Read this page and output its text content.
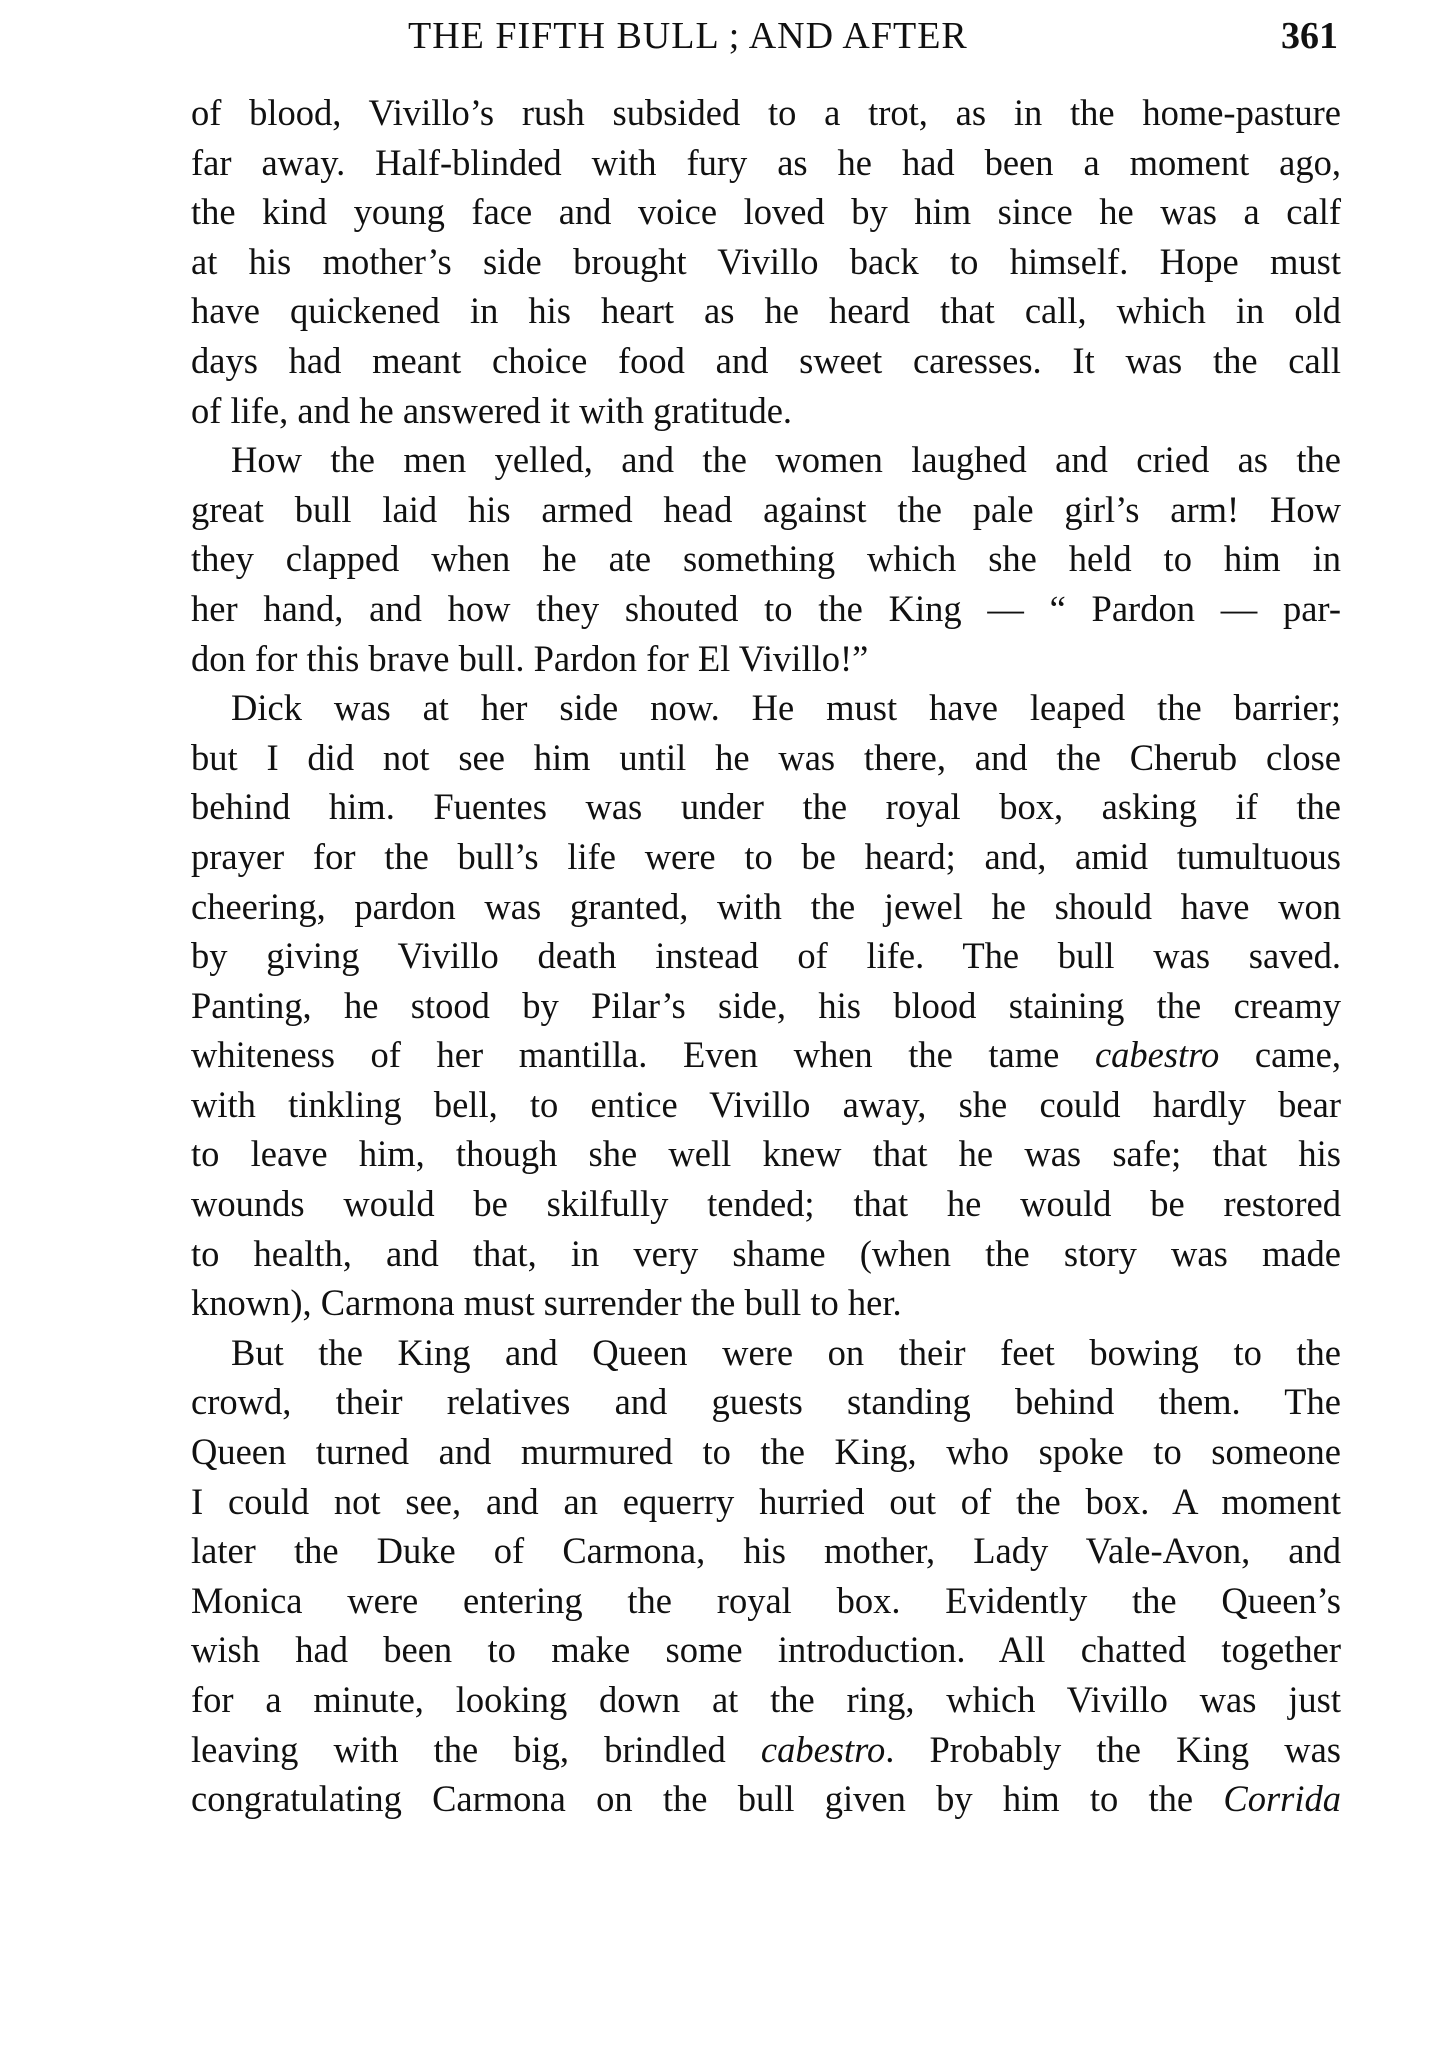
THE FIFTH BULL ; AND AFTER	361
of blood, Vivillo’s rush subsided to a trot, as in the home-pasture
far away. Half-blinded with fury as he had been a moment ago,
the kind young face and voice loved by him since he was a calf
at his mother’s side brought Vivillo back to himself. Hope must
have quickened in his heart as he heard that call, which in old
days had meant choice food and sweet caresses. It was the call
of life, and he answered it with gratitude.
How the men yelled, and the women laughed and cried as the
great bull laid his armed head against the pale girl’s arm! How
they clapped when he ate something which she held to him in
her hand, and how they shouted to the King — “ Pardon — par-
don for this brave bull. Pardon for El Vivillo!”
Dick was at her side now. He must have leaped the barrier;
but I did not see him until he was there, and the Cherub close
behind him. Fuentes was under the royal box, asking if the
prayer for the bull’s life were to be heard; and, amid tumultuous
cheering, pardon was granted, with the jewel he should have won
by giving Vivillo death instead of life. The bull was saved.
Panting, he stood by Pilar’s side, his blood staining the creamy
whiteness of her mantilla. Even when the tame cabestro came,
with tinkling bell, to entice Vivillo away, she could hardly bear
to leave him, though she well knew that he was safe; that his
wounds would be skilfully tended; that he would be restored
to health, and that, in very shame (when the story was made
known), Carmona must surrender the bull to her.
But the King and Queen were on their feet bowing to the
crowd, their relatives and guests standing behind them. The
Queen turned and murmured to the King, who spoke to someone
I could not see, and an equerry hurried out of the box. A moment
later the Duke of Carmona, his mother, Lady Vale-Avon, and
Monica were entering the royal box. Evidently the Queen’s
wish had been to make some introduction. All chatted together
for a minute, looking down at the ring, which Vivillo was just
leaving with the big, brindled cabestro. Probably the King was
congratulating Carmona on the bull given by him to the Corrida
